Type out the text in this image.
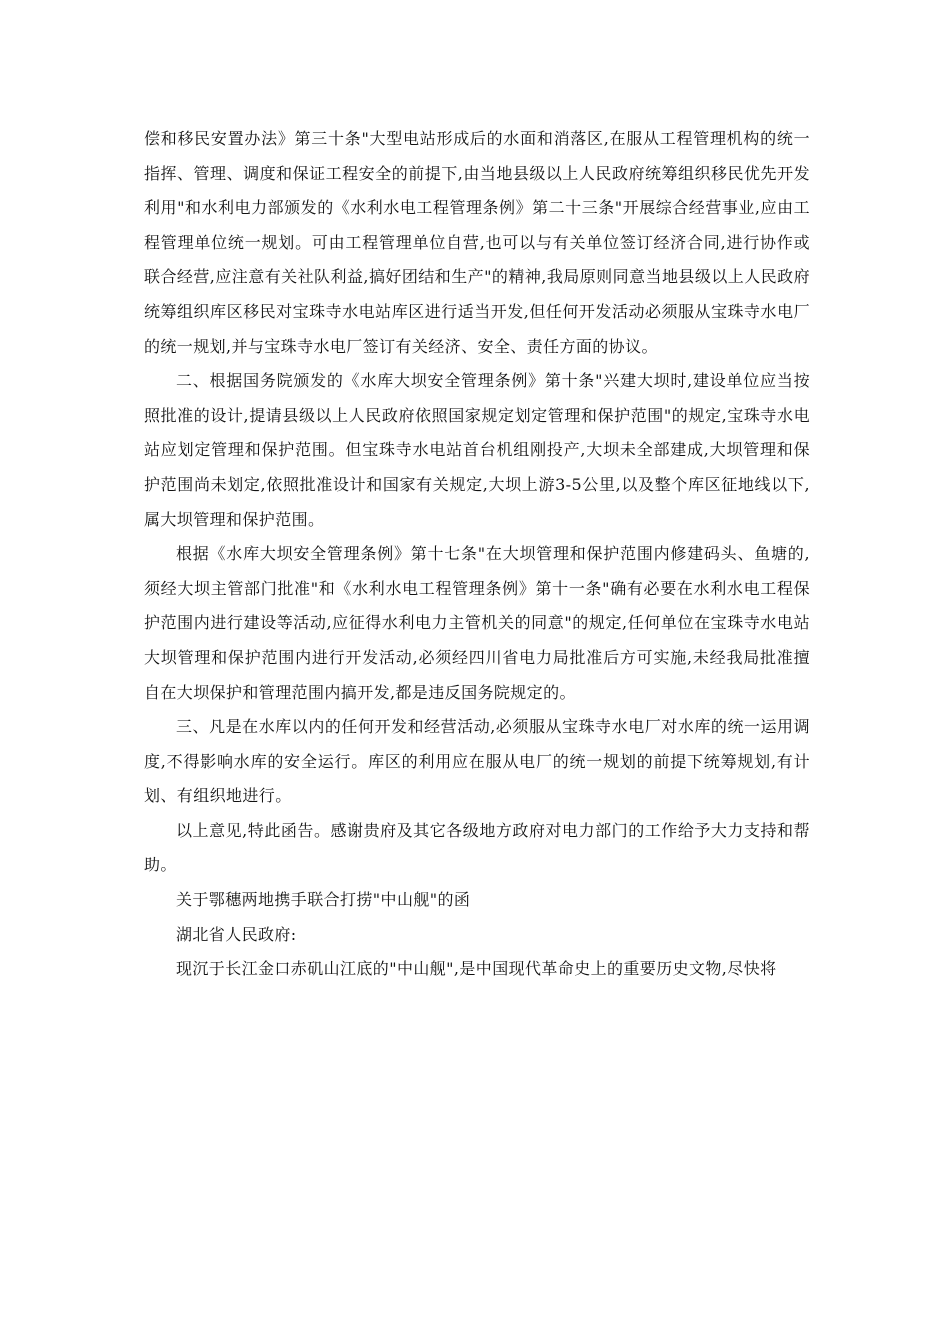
偿和移民安置办法》第三十条"大型电站形成后的水面和消落区,在服从工程管理机构的统一指挥、管理、调度和保证工程安全的前提下,由当地县级以上人民政府统筹组织移民优先开发利用"和水利电力部颁发的《水利水电工程管理条例》第二十三条"开展综合经营事业,应由工程管理单位统一规划。可由工程管理单位自营,也可以与有关单位签订经济合同,进行协作或联合经营,应注意有关社队利益,搞好团结和生产"的精神,我局原则同意当地县级以上人民政府统筹组织库区移民对宝珠寺水电站库区进行适当开发,但任何开发活动必须服从宝珠寺水电厂的统一规划,并与宝珠寺水电厂签订有关经济、安全、责任方面的协议。

二、根据国务院颁发的《水库大坝安全管理条例》第十条"兴建大坝时,建设单位应当按照批准的设计,提请县级以上人民政府依照国家规定划定管理和保护范围"的规定,宝珠寺水电站应划定管理和保护范围。但宝珠寺水电站首台机组刚投产,大坝未全部建成,大坝管理和保护范围尚未划定,依照批准设计和国家有关规定,大坝上游3-5公里,以及整个库区征地线以下,属大坝管理和保护范围。

根据《水库大坝安全管理条例》第十七条"在大坝管理和保护范围内修建码头、鱼塘的,须经大坝主管部门批准"和《水利水电工程管理条例》第十一条"确有必要在水利水电工程保护范围内进行建设等活动,应征得水利电力主管机关的同意"的规定,任何单位在宝珠寺水电站大坝管理和保护范围内进行开发活动,必须经四川省电力局批准后方可实施,未经我局批准擅自在大坝保护和管理范围内搞开发,都是违反国务院规定的。

三、凡是在水库以内的任何开发和经营活动,必须服从宝珠寺水电厂对水库的统一运用调度,不得影响水库的安全运行。库区的利用应在服从电厂的统一规划的前提下统筹规划,有计划、有组织地进行。

以上意见,特此函告。感谢贵府及其它各级地方政府对电力部门的工作给予大力支持和帮助。

关于鄂穗两地携手联合打捞"中山舰"的函

湖北省人民政府:

现沉于长江金口赤矶山江底的"中山舰",是中国现代革命史上的重要历史文物,尽快将
